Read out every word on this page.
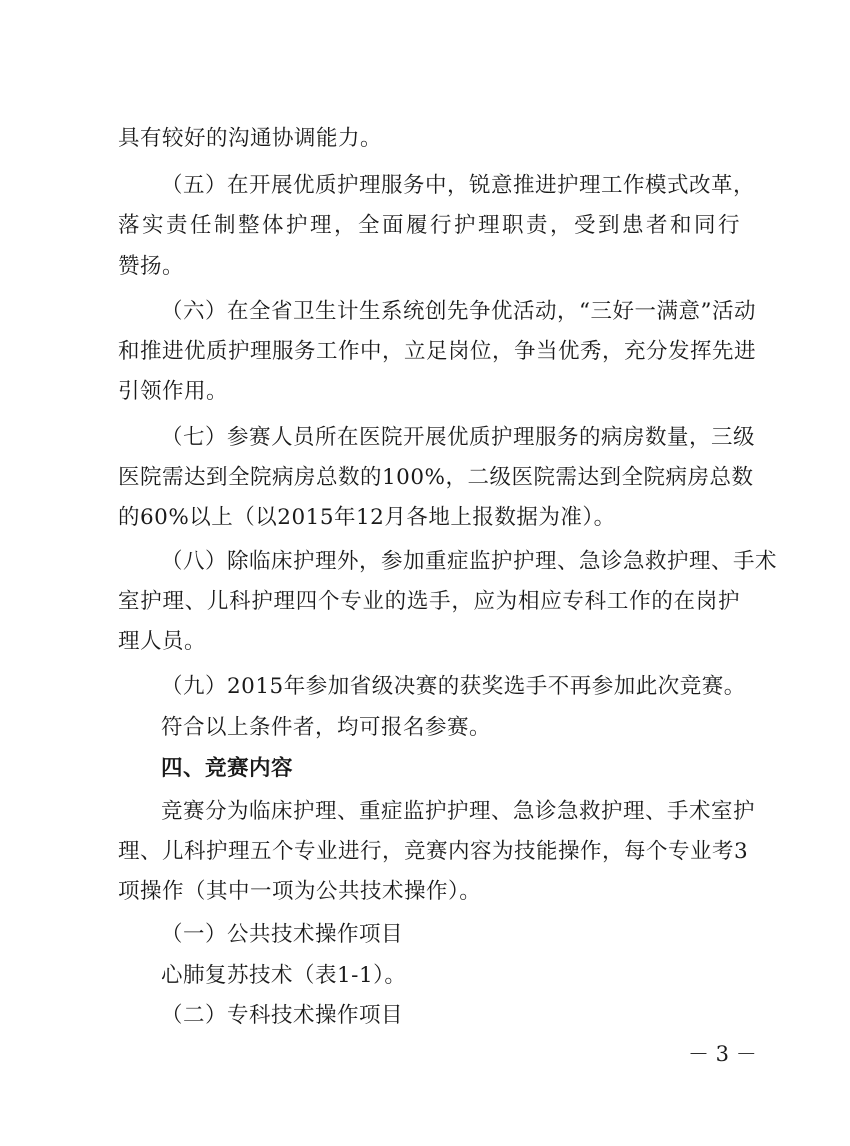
具有较好的沟通协调能力。
（五）在开展优质护理服务中，锐意推进护理工作模式改革，
落实责任制整体护理，全面履行护理职责，受到患者和同行
赞扬。
（六）在全省卫生计生系统创先争优活动，“三好一满意”活动
和推进优质护理服务工作中，立足岗位，争当优秀，充分发挥先进
引领作用。
（七）参赛人员所在医院开展优质护理服务的病房数量，三级
医院需达到全院病房总数的100%，二级医院需达到全院病房总数
的60%以上（以2015年12月各地上报数据为准）。
（八）除临床护理外，参加重症监护护理、急诊急救护理、手术
室护理、儿科护理四个专业的选手，应为相应专科工作的在岗护
理人员。
（九）2015年参加省级决赛的获奖选手不再参加此次竞赛。
符合以上条件者，均可报名参赛。
四、竞赛内容
竞赛分为临床护理、重症监护护理、急诊急救护理、手术室护
理、儿科护理五个专业进行，竞赛内容为技能操作，每个专业考3
项操作（其中一项为公共技术操作）。
（一）公共技术操作项目
心肺复苏技术（表1-1）。
（二）专科技术操作项目
－ 3 －
